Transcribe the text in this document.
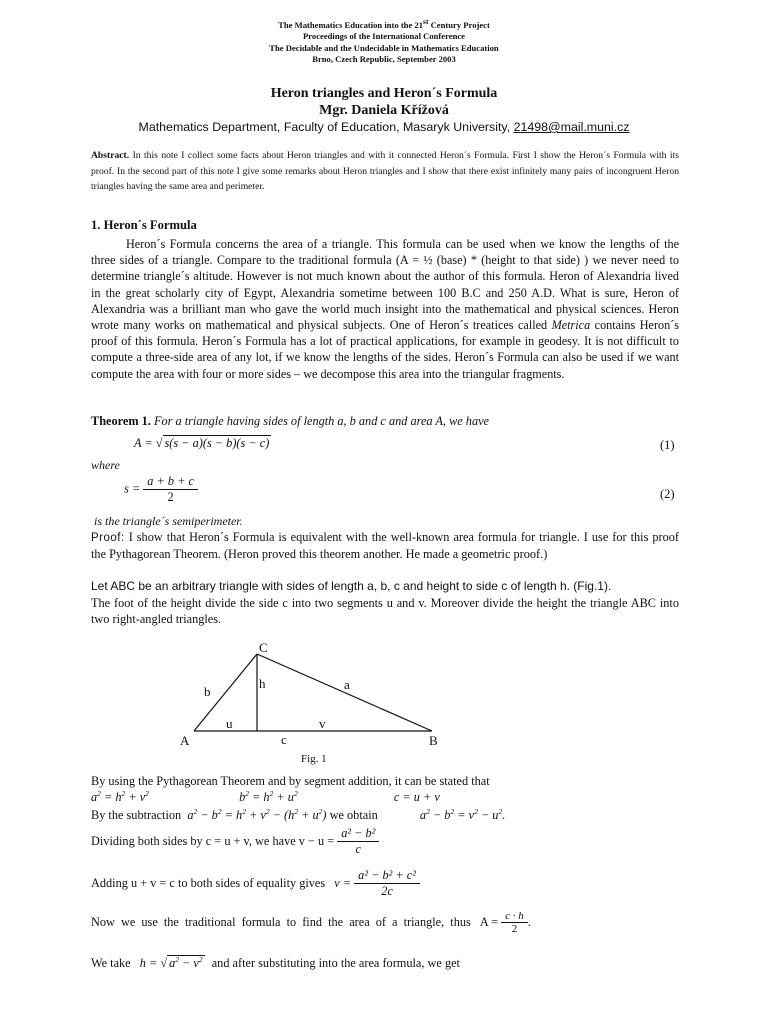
The Mathematics Education into the 21st Century Project
Proceedings of the International Conference
The Decidable and the Undecidable in Mathematics Education
Brno, Czech Republic, September 2003
Heron triangles and Heron´s Formula
Mgr. Daniela Křížová
Mathematics Department, Faculty of Education, Masaryk University, 21498@mail.muni.cz
Abstract. In this note I collect some facts about Heron triangles and with it connected Heron´s Formula. First I show the Heron´s Formula with its proof. In the second part of this note I give some remarks about Heron triangles and I show that there exist infinitely many pairs of incongruent Heron triangles having the same area and perimeter.
1. Heron´s Formula
Heron´s Formula concerns the area of a triangle. This formula can be used when we know the lengths of the three sides of a triangle. Compare to the traditional formula (A = ½ (base) * (height to that side) ) we never need to determine triangle´s altitude. However is not much known about the author of this formula. Heron of Alexandria lived in the great scholarly city of Egypt, Alexandria sometime between 100 B.C and 250 A.D. What is sure, Heron of Alexandria was a brilliant man who gave the world much insight into the mathematical and physical sciences. Heron wrote many works on mathematical and physical subjects. One of Heron´s treatices called Metrica contains Heron´s proof of this formula. Heron´s Formula has a lot of practical applications, for example in geodesy. It is not difficult to compute a three-side area of any lot, if we know the lengths of the sides. Heron´s Formula can also be used if we want compute the area with four or more sides – we decompose this area into the triangular fragments.
Theorem 1. For a triangle having sides of length a, b and c and area A, we have
A = √ s(s − a)(s − b)(s − c)	(1)
where
$s = \frac{a + b + c}{2}$	(2)
is the triangle´s semiperimeter.
Proof: I show that Heron´s Formula is equivalent with the well-known area formula for triangle. I use for this proof the Pythagorean Theorem. (Heron proved this theorem another. He made a geometric proof.)
Let ABC be an arbitrary triangle with sides of length a, b, c and height to side c of length h. (Fig.1).
The foot of the height divide the side c into two segments u and v. Moreover divide the height the triangle ABC into two right-angled triangles.
C
A	B
a
b
c
h
u	v
Fig. 1
By using the Pythagorean Theorem and by segment addition, it can be stated that
$a^2 = h^2 + v^2$	$b^2 = h^2 + u^2$	c = u + v
By the subtraction  $a^2 - b^2 = h^2 + v^2 - (h^2 + u^2)$ we obtain	$a^2 - b^2 = v^2 - u^2$.
Dividing both sides by c = u + v, we have $v - u = \frac{\text{a² − b²}}{c}$
Adding u + v = c to both sides of equality gives $v = \frac{\text{a² − b² + c²}}{2c}$
Now we use the traditional formula to find the area of a triangle, thus $A = \frac{c \cdot h}{2}$ .
We take h = √ $a^2 - v^2$ and after substituting into the area formula, we get
